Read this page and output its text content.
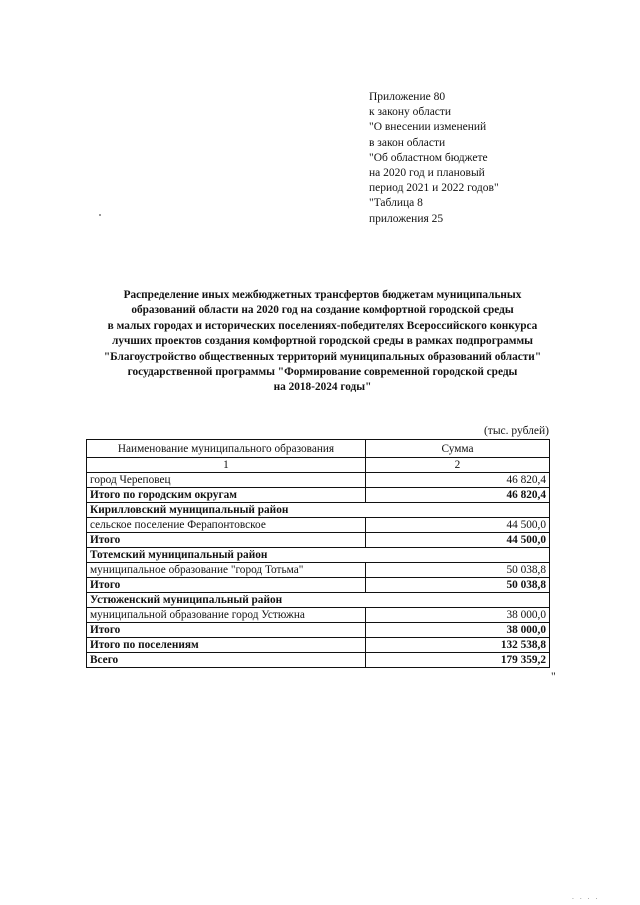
Приложение 80
к закону области
"О внесении изменений
в закон области
"Об областном бюджете
на 2020 год и плановый
период 2021 и 2022 годов"
"Таблица 8
приложения 25
Распределение иных межбюджетных трансфертов бюджетам муниципальных
образований области на 2020 год на создание комфортной городской среды
в малых городах и исторических поселениях-победителях Всероссийского конкурса
лучших проектов создания комфортной городской среды в рамках подпрограммы
"Благоустройство общественных территорий муниципальных образований области"
государственной программы "Формирование современной городской среды
на 2018-2024 годы"
(тыс. рублей)
Наименование муниципального образования	Сумма
1	2
город Череповец	46 820,4
Итого по городским округам	46 820,4
Кирилловский муниципальный район	
сельское поселение Ферапонтовское	44 500,0
Итого	44 500,0
Тотемский муниципальный район	
муниципальное образование "город Тотьма"	50 038,8
Итого	50 038,8
Устюженский муниципальный район	
муниципальной образование город Устюжна	38 000,0
Итого	38 000,0
Итого по поселениям	132 538,8
Всего	179 359,2
"
· · · ·
